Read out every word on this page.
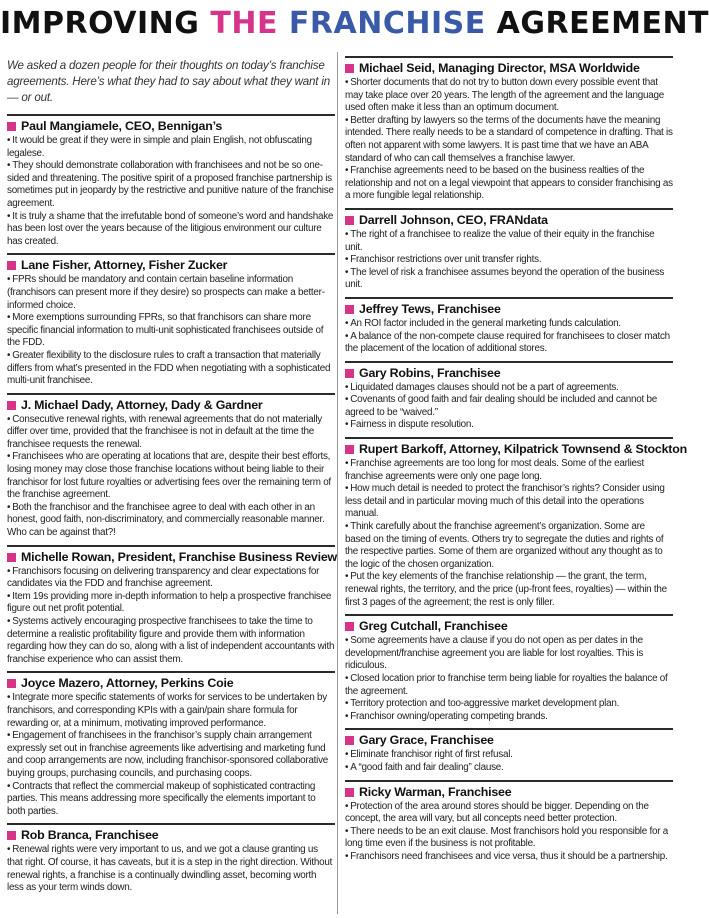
IMPROVING THE FRANCHISE AGREEMENT

We asked a dozen people for their thoughts on today’s franchise agreements. Here’s what they had to say about what they want in — or out.

Paul Mangiamele, CEO, Bennigan’s

• It would be great if they were in simple and plain English, not obfuscating legalese.

• They should demonstrate collaboration with franchisees and not be so one-sided and threatening. The positive spirit of a proposed franchise partnership is sometimes put in jeopardy by the restrictive and punitive nature of the franchise agreement.

• It is truly a shame that the irrefutable bond of someone’s word and handshake has been lost over the years because of the litigious environment our culture has created.

Lane Fisher, Attorney, Fisher Zucker

• FPRs should be mandatory and contain certain baseline information (franchisors can present more if they desire) so prospects can make a better-informed choice.

• More exemptions surrounding FPRs, so that franchisors can share more specific financial information to multi-unit sophisticated franchisees outside of the FDD.

• Greater flexibility to the disclosure rules to craft a transaction that materially differs from what’s presented in the FDD when negotiating with a sophisticated multi-unit franchisee.

J. Michael Dady, Attorney, Dady & Gardner

• Consecutive renewal rights, with renewal agreements that do not materially differ over time, provided that the franchisee is not in default at the time the franchisee requests the renewal.

• Franchisees who are operating at locations that are, despite their best efforts, losing money may close those franchise locations without being liable to their franchisor for lost future royalties or advertising fees over the remaining term of the franchise agreement.

• Both the franchisor and the franchisee agree to deal with each other in an honest, good faith, non-discriminatory, and commercially reasonable manner. Who can be against that?!

Michelle Rowan, President, Franchise Business Review

• Franchisors focusing on delivering transparency and clear expectations for candidates via the FDD and franchise agreement.

• Item 19s providing more in-depth information to help a prospective franchisee figure out net profit potential.

• Systems actively encouraging prospective franchisees to take the time to determine a realistic profitability figure and provide them with information regarding how they can do so, along with a list of independent accountants with franchise experience who can assist them.

Joyce Mazero, Attorney, Perkins Coie

• Integrate more specific statements of works for services to be undertaken by franchisors, and corresponding KPIs with a gain/pain share formula for rewarding or, at a minimum, motivating improved performance.

• Engagement of franchisees in the franchisor’s supply chain arrangement expressly set out in franchise agreements like advertising and marketing fund and coop arrangements are now, including franchisor-sponsored collaborative buying groups, purchasing councils, and purchasing coops.

• Contracts that reflect the commercial makeup of sophisticated contracting parties. This means addressing more specifically the elements important to both parties.

Rob Branca, Franchisee

• Renewal rights were very important to us, and we got a clause granting us that right. Of course, it has caveats, but it is a step in the right direction. Without renewal rights, a franchise is a continually dwindling asset, becoming worth less as your term winds down.

Michael Seid, Managing Director, MSA Worldwide

• Shorter documents that do not try to button down every possible event that may take place over 20 years. The length of the agreement and the language used often make it less than an optimum document.

• Better drafting by lawyers so the terms of the documents have the meaning intended. There really needs to be a standard of competence in drafting. That is often not apparent with some lawyers. It is past time that we have an ABA standard of who can call themselves a franchise lawyer.

• Franchise agreements need to be based on the business realties of the relationship and not on a legal viewpoint that appears to consider franchising as a more fungible legal relationship.

Darrell Johnson, CEO, FRANdata

• The right of a franchisee to realize the value of their equity in the franchise unit.

• Franchisor restrictions over unit transfer rights.

• The level of risk a franchisee assumes beyond the operation of the business unit.

Jeffrey Tews, Franchisee

• An ROI factor included in the general marketing funds calculation.

• A balance of the non-compete clause required for franchisees to closer match the placement of the location of additional stores.

Gary Robins, Franchisee

• Liquidated damages clauses should not be a part of agreements.

• Covenants of good faith and fair dealing should be included and cannot be agreed to be “waived.”

• Fairness in dispute resolution.

Rupert Barkoff, Attorney, Kilpatrick Townsend & Stockton

• Franchise agreements are too long for most deals. Some of the earliest franchise agreements were only one page long.

• How much detail is needed to protect the franchisor’s rights? Consider using less detail and in particular moving much of this detail into the operations manual.

• Think carefully about the franchise agreement’s organization. Some are based on the timing of events. Others try to segregate the duties and rights of the respective parties. Some of them are organized without any thought as to the logic of the chosen organization.

• Put the key elements of the franchise relationship — the grant, the term, renewal rights, the territory, and the price (up-front fees, royalties) — within the first 3 pages of the agreement; the rest is only filler.

Greg Cutchall, Franchisee

• Some agreements have a clause if you do not open as per dates in the development/franchise agreement you are liable for lost royalties. This is ridiculous.

• Closed location prior to franchise term being liable for royalties the balance of the agreement.

• Territory protection and too-aggressive market development plan.

• Franchisor owning/operating competing brands.

Gary Grace, Franchisee

• Eliminate franchisor right of first refusal.

• A “good faith and fair dealing” clause.

Ricky Warman, Franchisee

• Protection of the area around stores should be bigger. Depending on the concept, the area will vary, but all concepts need better protection.

• There needs to be an exit clause. Most franchisors hold you responsible for a long time even if the business is not profitable.

• Franchisors need franchisees and vice versa, thus it should be a partnership.
